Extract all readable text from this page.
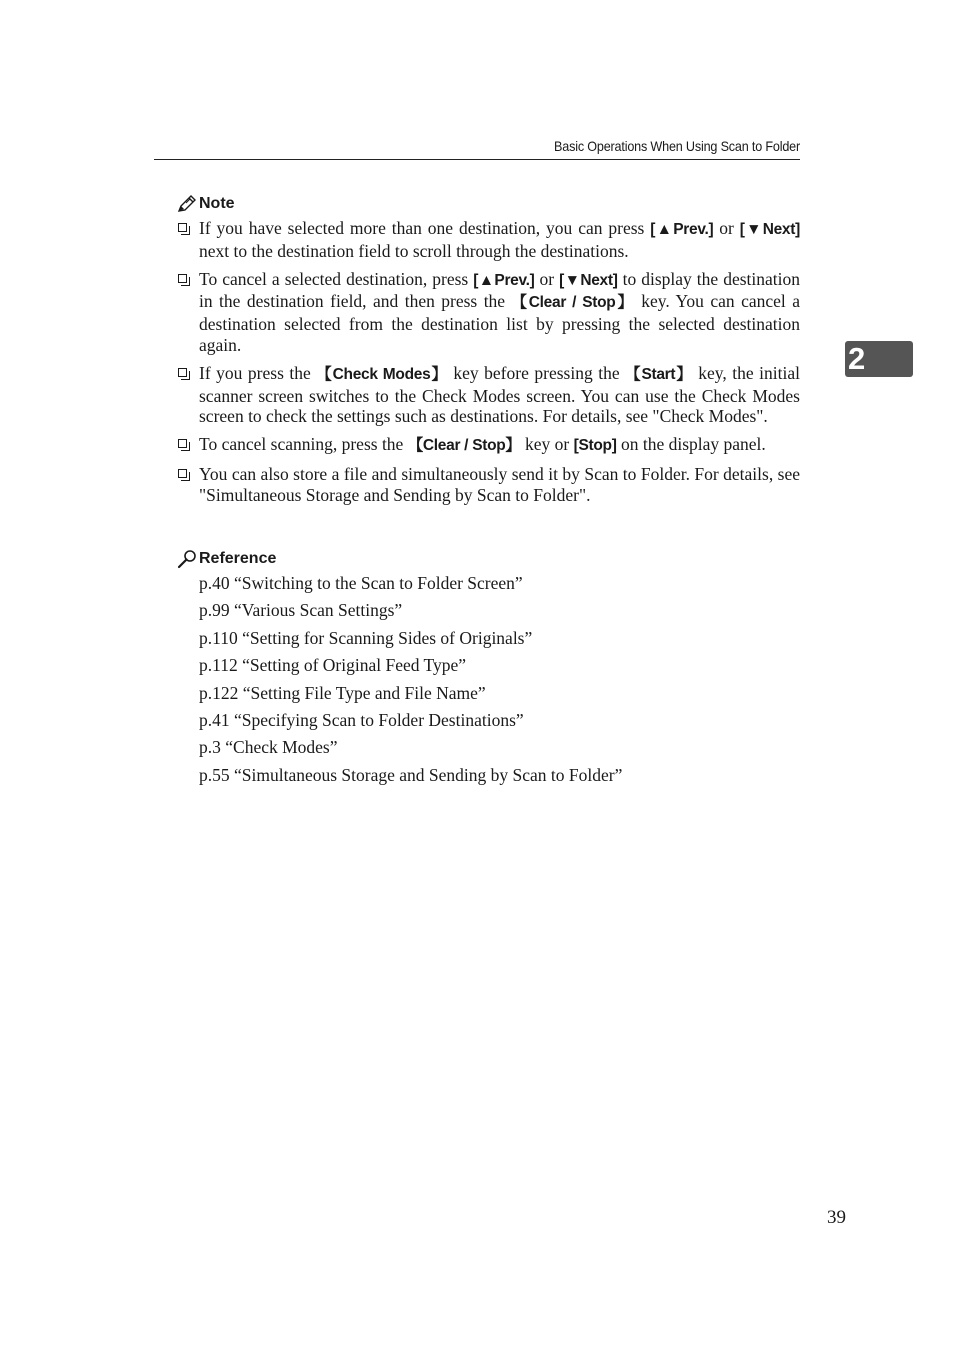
Basic Operations When Using Scan to Folder
2
Note
If you have selected more than one destination, you can press [▲Prev.] or [▼Next] next to the destination field to scroll through the destinations.
To cancel a selected destination, press [▲Prev.] or [▼Next] to display the destination in the destination field, and then press the 【Clear / Stop】 key. You can cancel a destination selected from the destination list by pressing the selected destination again.
If you press the 【Check Modes】 key before pressing the 【Start】 key, the initial scanner screen switches to the Check Modes screen. You can use the Check Modes screen to check the settings such as destinations. For details, see "Check Modes".
To cancel scanning, press the 【Clear / Stop】 key or [Stop] on the display panel.
You can also store a file and simultaneously send it by Scan to Folder. For details, see "Simultaneous Storage and Sending by Scan to Folder".
Reference
p.40 “Switching to the Scan to Folder Screen”
p.99 “Various Scan Settings”
p.110 “Setting for Scanning Sides of Originals”
p.112 “Setting of Original Feed Type”
p.122 “Setting File Type and File Name”
p.41 “Specifying Scan to Folder Destinations”
p.3 “Check Modes”
p.55 “Simultaneous Storage and Sending by Scan to Folder”
39
